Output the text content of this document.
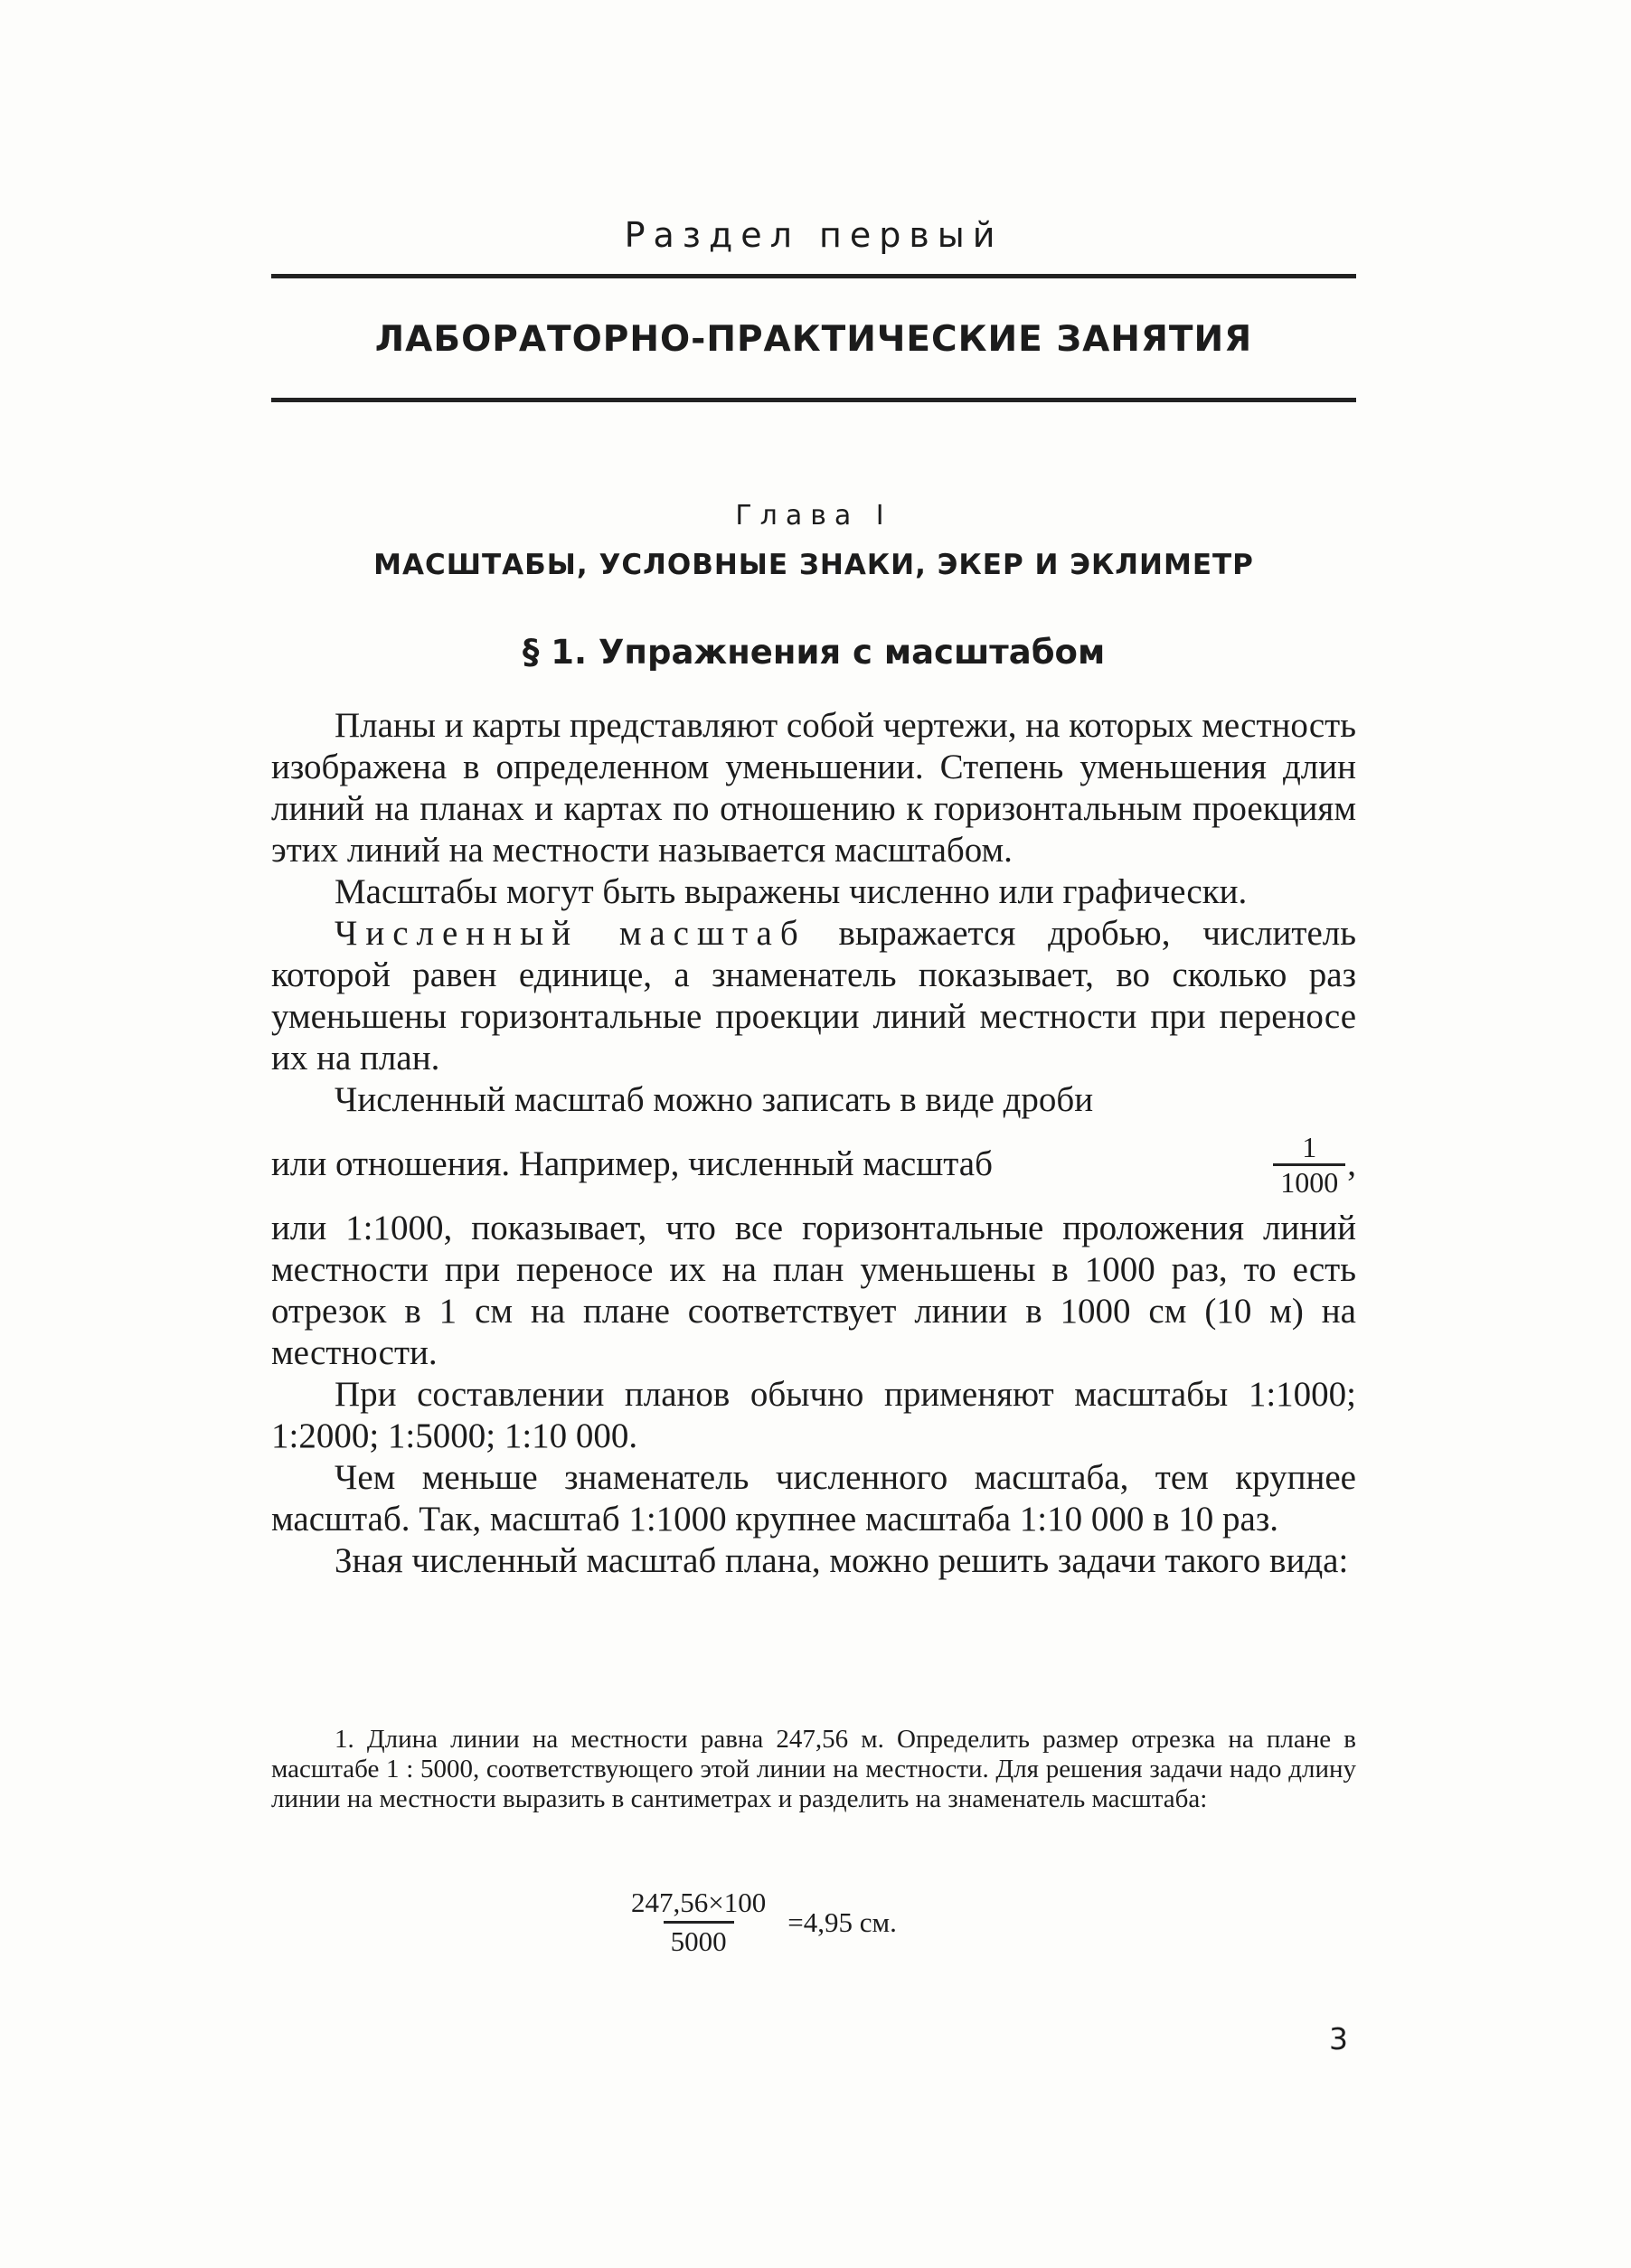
Раздел первый
ЛАБОРАТОРНО-ПРАКТИЧЕСКИЕ ЗАНЯТИЯ
Глава I
МАСШТАБЫ, УСЛОВНЫЕ ЗНАКИ, ЭКЕР И ЭКЛИМЕТР
§ 1. Упражнения с масштабом

Планы и карты представляют собой чертежи, на которых местность изображена в определенном уменьшении. Степень уменьшения длин линий на планах и картах по отношению к горизонтальным проекциям этих линий на местности называется масштабом.

Масштабы могут быть выражены численно или графически.

Численный масштаб выражается дробью, числитель которой равен единице, а знаменатель показывает, во сколько раз уменьшены горизонтальные проекции линий местности при переносе их на план.

Численный масштаб можно записать в виде дроби

или отношения. Например, численный масштаб	$\frac{1}{1000}$ ,

или 1:1000, показывает, что все горизонтальные проложения линий местности при переносе их на план уменьшены в 1000 раз, то есть отрезок в 1 см на плане соответствует линии в 1000 см (10 м) на местности.

При составлении планов обычно применяют масштабы 1:1000; 1:2000; 1:5000; 1:10 000.

Чем меньше знаменатель численного масштаба, тем крупнее масштаб. Так, масштаб 1:1000 крупнее масштаба 1:10 000 в 10 раз.

Зная численный масштаб плана, можно решить задачи такого вида:

1. Длина линии на местности равна 247,56 м. Определить размер отрезка на плане в масштабе 1 : 5000, соответствующего этой линии на местности. Для решения задачи надо длину линии на местности выразить в сантиметрах и разделить на знаменатель масштаба:

$\frac{247,56\times 100}{5000} =4,95$ см.
3
